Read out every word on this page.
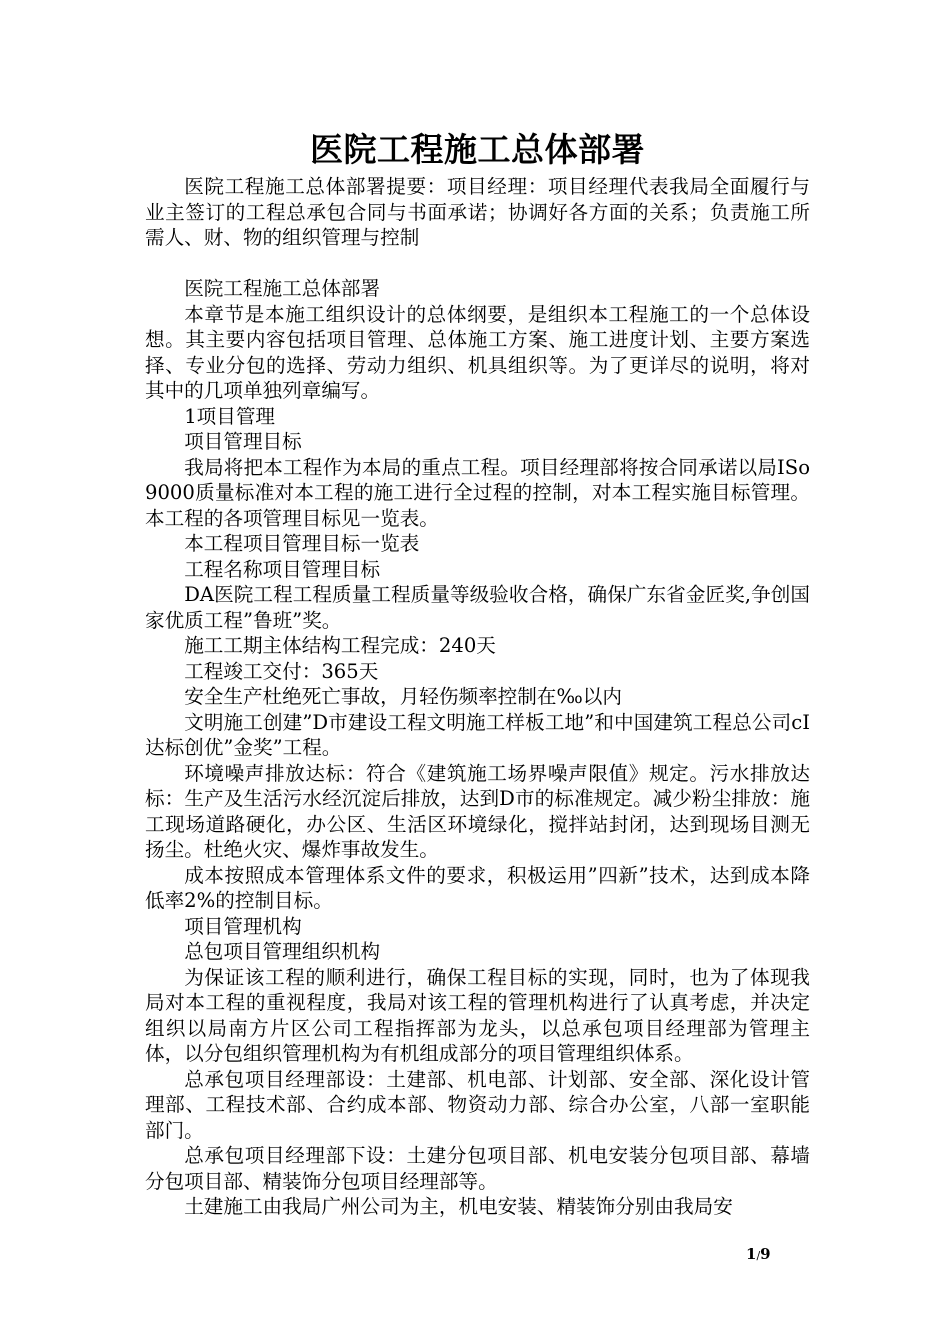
医院工程施工总体部署

医院工程施工总体部署提要：项目经理：项目经理代表我局全面履行与业主签订的工程总承包合同与书面承诺；协调好各方面的关系；负责施工所需人、财、物的组织管理与控制

医院工程施工总体部署

本章节是本施工组织设计的总体纲要，是组织本工程施工的一个总体设想。其主要内容包括项目管理、总体施工方案、施工进度计划、主要方案选择、专业分包的选择、劳动力组织、机具组织等。为了更详尽的说明，将对其中的几项单独列章编写。

1项目管理

项目管理目标

我局将把本工程作为本局的重点工程。项目经理部将按合同承诺以局ISo9000质量标准对本工程的施工进行全过程的控制，对本工程实施目标管理。本工程的各项管理目标见一览表。

本工程项目管理目标一览表

工程名称项目管理目标

DA医院工程工程质量工程质量等级验收合格，确保广东省金匠奖,争创国家优质工程”鲁班”奖。

施工工期主体结构工程完成：240天

工程竣工交付：365天

安全生产杜绝死亡事故，月轻伤频率控制在‰以内

文明施工创建”D市建设工程文明施工样板工地”和中国建筑工程总公司cI达标创优”金奖”工程。

环境噪声排放达标：符合《建筑施工场界噪声限值》规定。污水排放达标：生产及生活污水经沉淀后排放，达到D市的标准规定。减少粉尘排放：施工现场道路硬化，办公区、生活区环境绿化，搅拌站封闭，达到现场目测无扬尘。杜绝火灾、爆炸事故发生。

成本按照成本管理体系文件的要求，积极运用”四新”技术，达到成本降低率2%的控制目标。

项目管理机构

总包项目管理组织机构

为保证该工程的顺利进行，确保工程目标的实现，同时，也为了体现我局对本工程的重视程度，我局对该工程的管理机构进行了认真考虑，并决定组织以局南方片区公司工程指挥部为龙头，以总承包项目经理部为管理主体，以分包组织管理机构为有机组成部分的项目管理组织体系。

总承包项目经理部设：土建部、机电部、计划部、安全部、深化设计管理部、工程技术部、合约成本部、物资动力部、综合办公室，八部一室职能部门。

总承包项目经理部下设：土建分包项目部、机电安装分包项目部、幕墙分包项目部、精装饰分包项目经理部等。

土建施工由我局广州公司为主，机电安装、精装饰分别由我局安

1/9
